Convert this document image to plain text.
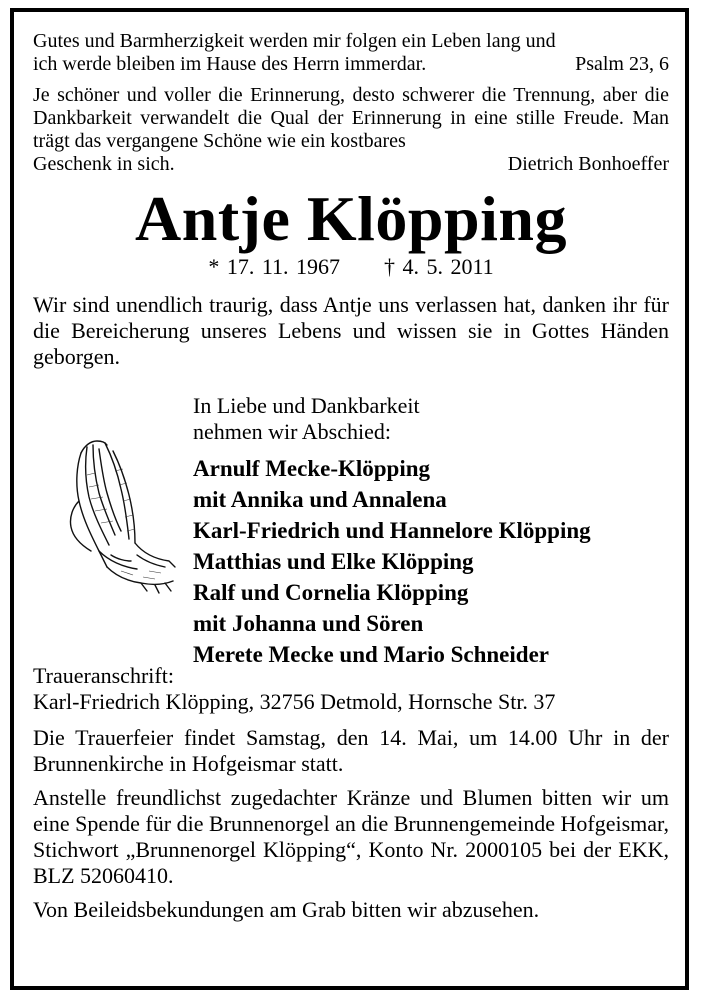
Gutes und Barmherzigkeit werden mir folgen ein Leben lang und

ich werde bleiben im Hause des Herrn immerdar.	Psalm 23, 6

Je schöner und voller die Erinnerung, desto schwerer die Trennung, aber die Dankbarkeit verwandelt die Qual der Erinnerung in eine stille Freude. Man trägt das vergangene Schöne wie ein kostbares

Geschenk in sich.	Dietrich Bonhoeffer
Antje Klöpping
* 17. 11. 1967 † 4. 5. 2011
Wir sind unendlich traurig, dass Antje uns verlassen hat, danken ihr für die Bereicherung unseres Lebens und wissen sie in Gottes Händen geborgen.
In Liebe und Dankbarkeit
nehmen wir Abschied:
Arnulf Mecke-Klöpping
mit Annika und Annalena
Karl-Friedrich und Hannelore Klöpping
Matthias und Elke Klöpping
Ralf und Cornelia Klöpping
mit Johanna und Sören
Merete Mecke und Mario Schneider
Traueranschrift:
Karl-Friedrich Klöpping, 32756 Detmold, Hornsche Str. 37
Die Trauerfeier findet Samstag, den 14. Mai, um 14.00 Uhr in der Brunnenkirche in Hofgeismar statt.
Anstelle freundlichst zugedachter Kränze und Blumen bitten wir um eine Spende für die Brunnenorgel an die Brunnengemeinde Hofgeismar, Stichwort „Brunnenorgel Klöpping“, Konto Nr. 2000105 bei der EKK, BLZ 52060410.
Von Beileidsbekundungen am Grab bitten wir abzusehen.
